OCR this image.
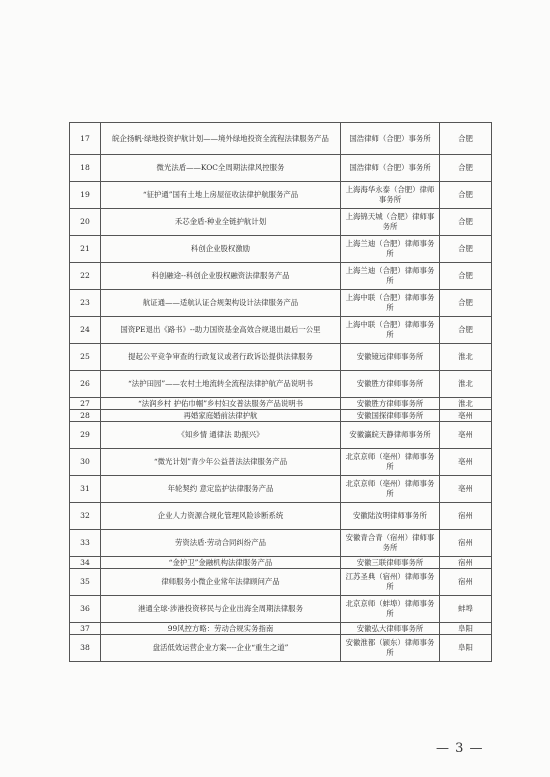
17	皖企扬帆·绿地投资护航计划——境外绿地投资全流程法律服务产品	国浩律师（合肥）事务所	合肥
18	微光法盾——KOC全周期法律风控服务	国浩律师（合肥）事务所	合肥
19	“征护通”国有土地上房屋征收法律护航服务产品	上海海华永泰（合肥）律师事务所	合肥
20	禾芯金盾-种业全链护航计划	上海锦天城（合肥）律师事务所	合肥
21	科创企业股权激励	上海兰迪（合肥）律师事务所	合肥
22	科创融途--科创企业股权融资法律服务产品	上海兰迪（合肥）律师事务所	合肥
23	航证通——适航认证合规架构设计法律服务产品	上海中联（合肥）律师事务所	合肥
24	国资PE退出《路书》--助力国资基金高效合规退出最后一公里	上海中联（合肥）律师事务所	合肥
25	提起公平竞争审查的行政复议或者行政诉讼提供法律服务	安徽镜远律师事务所	淮北
26	“法护田园”——农村土地流转全流程法律护航产品说明书	安徽胜方律师事务所	淮北
27	“法润乡村 护佑巾帼”乡村妇女普法服务产品说明书	安徽胜方律师事务所	淮北
28	再婚家庭婚前法律护航	安徽国探律师事务所	亳州
29	《知乡情 通律法 助振兴》	安徽瀛皖天静律师事务所	亳州
30	“微光计划”青少年公益普法法律服务产品	北京京师（亳州）律师事务所	亳州
31	年轮契约 意定监护法律服务产品	北京京师（亳州）律师事务所	亳州
32	企业人力资源合规化管理风险诊断系统	安徽陆汝明律师事务所	宿州
33	劳资法盾·劳动合同纠纷产品	安徽青合青（宿州）律师事务所	宿州
34	“金护卫”金融机构法律服务产品	安徽三联律师事务所	宿州
35	律师服务小微企业常年法律顾问产品	江苏圣典（宿州）律师事务所	宿州
36	港通全球·涉港投资移民与企业出海全周期法律服务	北京京师（蚌埠）律师事务所	蚌埠
37	99风控方略：劳动合规实务指南	安徽弘大律师事务所	阜阳
38	盘活低效运营企业方案----企业“重生之道”	安徽淮都（颍东）律师事务所	阜阳
— 3 —
